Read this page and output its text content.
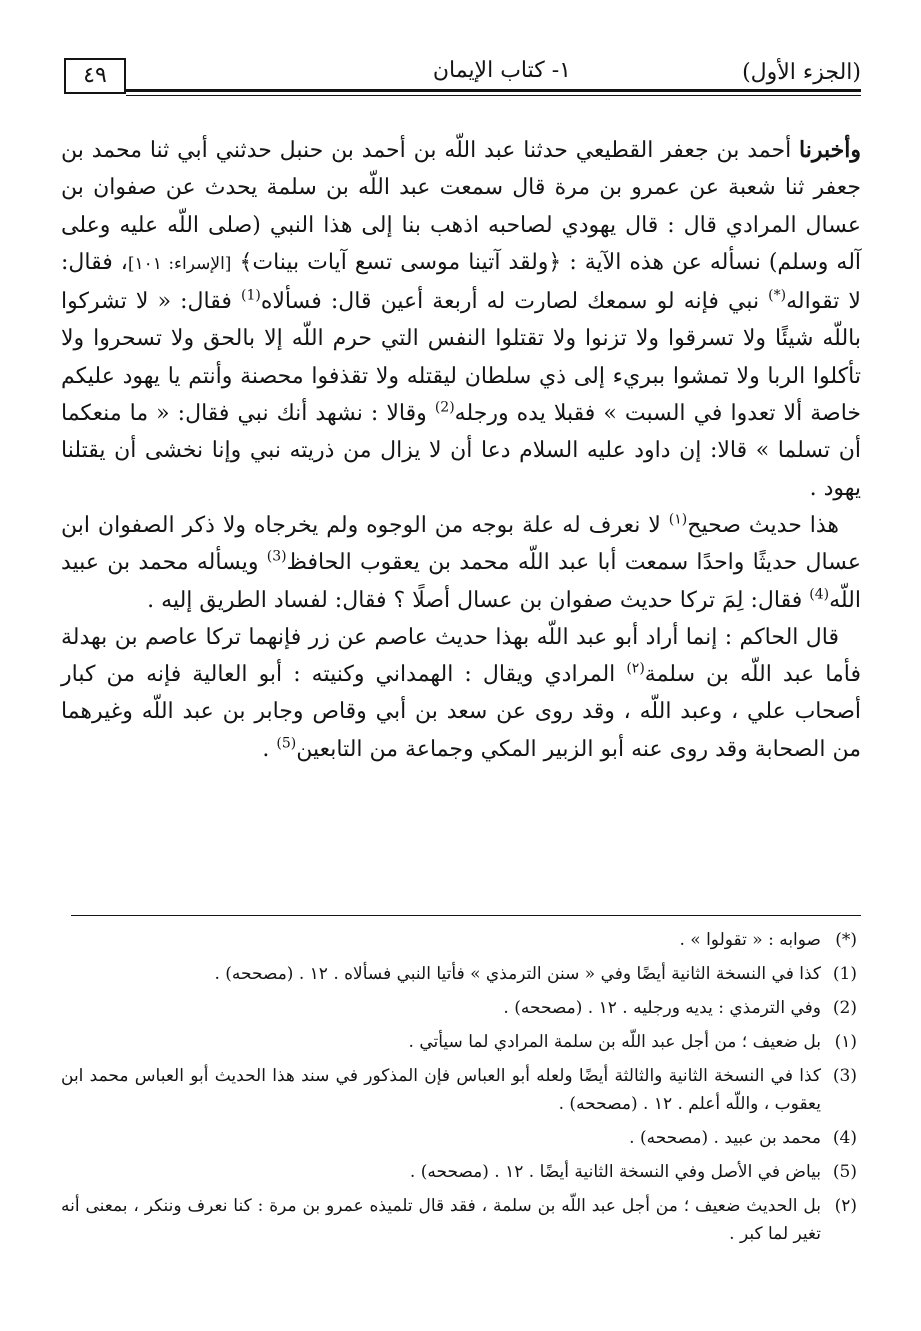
(الجزء الأول)
١- كتاب الإيمان
٤٩

وأخبرنا أحمد بن جعفر القطيعي حدثنا عبد اللّه بن أحمد بن حنبل حدثني أبي ثنا محمد بن جعفر ثنا شعبة عن عمرو بن مرة قال سمعت عبد اللّه بن سلمة يحدث عن صفوان بن عسال المرادي قال : قال يهودي لصاحبه اذهب بنا إلى هذا النبي (صلى اللّه عليه وعلى آله وسلم) نسأله عن هذه الآية : ﴿ولقد آتينا موسى تسع آيات بينات﴾ [الإسراء: ١٠١]، فقال: لا تقواله(*) نبي فإنه لو سمعك لصارت له أربعة أعين قال: فسألاه$^{(1)}$ فقال: « لا تشركوا باللّه شيئًا ولا تسرقوا ولا تزنوا ولا تقتلوا النفس التي حرم اللّه إلا بالحق ولا تسحروا ولا تأكلوا الربا ولا تمشوا ببريء إلى ذي سلطان ليقتله ولا تقذفوا محصنة وأنتم يا يهود عليكم خاصة ألا تعدوا في السبت » فقبلا يده ورجله$^{(2)}$ وقالا : نشهد أنك نبي فقال: « ما منعكما أن تسلما » قالا: إن داود عليه السلام دعا أن لا يزال من ذريته نبي وإنا نخشى أن يقتلنا يهود .

هذا حديث صحيح$^{(١)}$ لا نعرف له علة بوجه من الوجوه ولم يخرجاه ولا ذكر الصفوان ابن عسال حديثًا واحدًا سمعت أبا عبد اللّه محمد بن يعقوب الحافظ$^{(3)}$ ويسأله محمد بن عبيد اللّه$^{(4)}$ فقال: لِمَ تركا حديث صفوان بن عسال أصلًا ؟ فقال: لفساد الطريق إليه .

قال الحاكم : إنما أراد أبو عبد اللّه بهذا حديث عاصم عن زر فإنهما تركا عاصم بن بهدلة فأما عبد اللّه بن سلمة$^{(٢)}$ المرادي ويقال : الهمداني وكنيته : أبو العالية فإنه من كبار أصحاب علي ، وعبد اللّه ، وقد روى عن سعد بن أبي وقاص وجابر بن عبد اللّه وغيرهما من الصحابة وقد روى عنه أبو الزبير المكي وجماعة من التابعين$^{(5)}$ .

(*)
صوابه : « تقولوا » .
(1)
كذا في النسخة الثانية أيضًا وفي « سنن الترمذي » فأتيا النبي فسألاه . ١٢ . (مصححه) .
(2)
وفي الترمذي : يديه ورجليه . ١٢ . (مصححه) .
(١)
بل ضعيف ؛ من أجل عبد اللّه بن سلمة المرادي لما سيأتي .
(3)
كذا في النسخة الثانية والثالثة أيضًا ولعله أبو العباس فإن المذكور في سند هذا الحديث أبو العباس محمد ابن يعقوب ، واللّه أعلم . ١٢ . (مصححه) .
(4)
محمد بن عبيد . (مصححه) .
(5)
بياض في الأصل وفي النسخة الثانية أيضًا . ١٢ . (مصححه) .
(٢)
بل الحديث ضعيف ؛ من أجل عبد اللّه بن سلمة ، فقد قال تلميذه عمرو بن مرة : كنا نعرف وننكر ، بمعنى أنه تغير لما كبر .
